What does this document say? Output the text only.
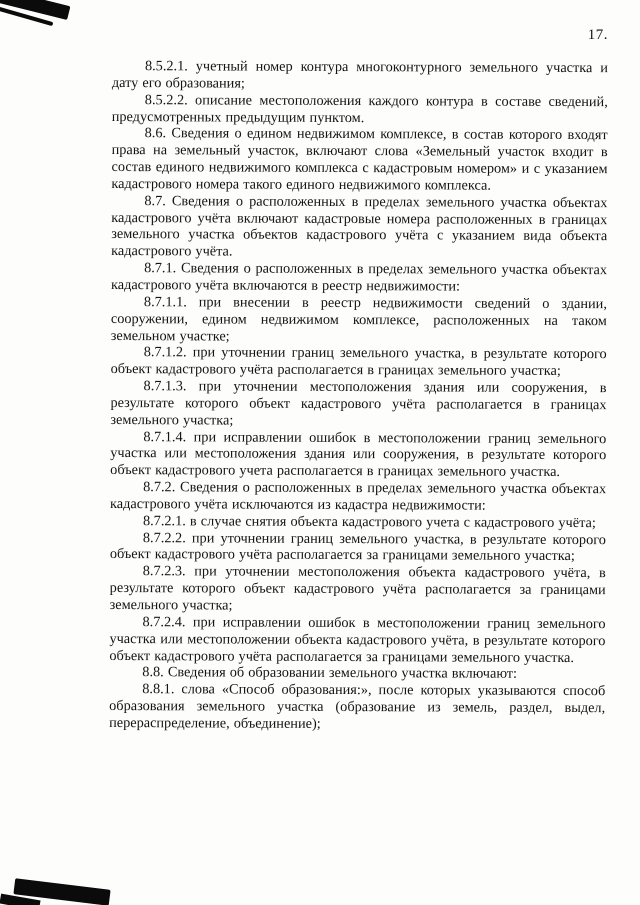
17.

8.5.2.1. учетный номер контура многоконтурного земельного участка и дату его образования;

8.5.2.2. описание местоположения каждого контура в составе сведений, предусмотренных предыдущим пунктом.

8.6. Сведения о едином недвижимом комплексе, в состав которого входят права на земельный участок, включают слова «Земельный участок входит в состав единого недвижимого комплекса с кадастровым номером» и с указанием кадастрового номера такого единого недвижимого комплекса.

8.7. Сведения о расположенных в пределах земельного участка объектах кадастрового учёта включают кадастровые номера расположенных в границах земельного участка объектов кадастрового учёта с указанием вида объекта кадастрового учёта.

8.7.1. Сведения о расположенных в пределах земельного участка объектах кадастрового учёта включаются в реестр недвижимости:

8.7.1.1. при внесении в реестр недвижимости сведений о здании, сооружении, едином недвижимом комплексе, расположенных на таком земельном участке;

8.7.1.2. при уточнении границ земельного участка, в результате которого объект кадастрового учёта располагается в границах земельного участка;

8.7.1.3. при уточнении местоположения здания или сооружения, в результате которого объект кадастрового учёта располагается в границах земельного участка;

8.7.1.4. при исправлении ошибок в местоположении границ земельного участка или местоположения здания или сооружения, в результате которого объект кадастрового учета располагается в границах земельного участка.

8.7.2. Сведения о расположенных в пределах земельного участка объектах кадастрового учёта исключаются из кадастра недвижимости:

8.7.2.1. в случае снятия объекта кадастрового учета с кадастрового учёта;

8.7.2.2. при уточнении границ земельного участка, в результате которого объект кадастрового учёта располагается за границами земельного участка;

8.7.2.3. при уточнении местоположения объекта кадастрового учёта, в результате которого объект кадастрового учёта располагается за границами земельного участка;

8.7.2.4. при исправлении ошибок в местоположении границ земельного участка или местоположении объекта кадастрового учёта, в результате которого объект кадастрового учёта располагается за границами земельного участка.

8.8. Сведения об образовании земельного участка включают:

8.8.1. слова «Способ образования:», после которых указываются способ образования земельного участка (образование из земель, раздел, выдел, перераспределение, объединение);
